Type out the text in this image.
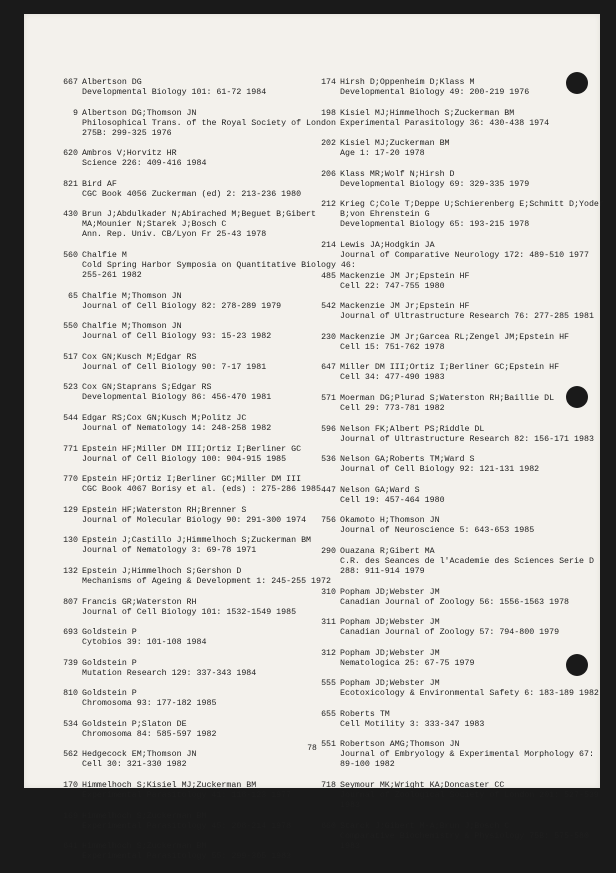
667 Albertson DG
Developmental Biology 101: 61-72 1984
9 Albertson DG;Thomson JN
Philosophical Trans. of the Royal Society of London
275B: 299-325 1976
620 Ambros V;Horvitz HR
Science 226: 409-416 1984
821 Bird AF
CGC Book 4056 Zuckerman (ed) 2: 213-236 1980
430 Brun J;Abdulkader N;Abirached M;Beguet B;Gibert
MA;Mounier N;Starek J;Bosch C
Ann. Rep. Univ. CB/Lyon Fr 25-43 1978
560 Chalfie M
Cold Spring Harbor Symposia on Quantitative Biology 46:
255-261 1982
65 Chalfie M;Thomson JN
Journal of Cell Biology 82: 278-289 1979
550 Chalfie M;Thomson JN
Journal of Cell Biology 93: 15-23 1982
517 Cox GN;Kusch M;Edgar RS
Journal of Cell Biology 90: 7-17 1981
523 Cox GN;Staprans S;Edgar RS
Developmental Biology 86: 456-470 1981
544 Edgar RS;Cox GN;Kusch M;Politz JC
Journal of Nematology 14: 248-258 1982
771 Epstein HF;Miller DM III;Ortiz I;Berliner GC
Journal of Cell Biology 100: 904-915 1985
770 Epstein HF;Ortiz I;Berliner GC;Miller DM III
CGC Book 4067 Borisy et al. (eds) : 275-286 1985
129 Epstein HF;Waterston RH;Brenner S
Journal of Molecular Biology 90: 291-300 1974
130 Epstein J;Castillo J;Himmelhoch S;Zuckerman BM
Journal of Nematology 3: 69-78 1971
132 Epstein J;Himmelhoch S;Gershon D
Mechanisms of Ageing & Development 1: 245-255 1972
807 Francis GR;Waterston RH
Journal of Cell Biology 101: 1532-1549 1985
693 Goldstein P
Cytobios 39: 101-108 1984
739 Goldstein P
Mutation Research 129: 337-343 1984
810 Goldstein P
Chromosoma 93: 177-182 1985
534 Goldstein P;Slaton DE
Chromosoma 84: 585-597 1982
562 Hedgecock EM;Thomson JN
Cell 30: 321-330 1982
170 Himmelhoch S;Kisiel MJ;Zuckerman BM
Experimental Parasitology 41: 118-123 1977
169 Himmelhoch S;Zuckerman BM
Experimental Parasitology 45: 208-214 1978
641 Himmelhoch S;Zuckerman BM
Experimental Parasitology 55: 299-305 1983
174 Hirsh D;Oppenheim D;Klass M
Developmental Biology 49: 200-219 1976
198 Kisiel MJ;Himmelhoch S;Zuckerman BM
Experimental Parasitology 36: 430-438 1974
202 Kisiel MJ;Zuckerman BM
Age 1: 17-20 1978
206 Klass MR;Wolf N;Hirsh D
Developmental Biology 69: 329-335 1979
212 Krieg C;Cole T;Deppe U;Schierenberg E;Schmitt D;Yoder
B;von Ehrenstein G
Developmental Biology 65: 193-215 1978
214 Lewis JA;Hodgkin JA
Journal of Comparative Neurology 172: 489-510 1977
485 Mackenzie JM Jr;Epstein HF
Cell 22: 747-755 1980
542 Mackenzie JM Jr;Epstein HF
Journal of Ultrastructure Research 76: 277-285 1981
230 Mackenzie JM Jr;Garcea RL;Zengel JM;Epstein HF
Cell 15: 751-762 1978
647 Miller DM III;Ortiz I;Berliner GC;Epstein HF
Cell 34: 477-490 1983
571 Moerman DG;Plurad S;Waterston RH;Baillie DL
Cell 29: 773-781 1982
596 Nelson FK;Albert PS;Riddle DL
Journal of Ultrastructure Research 82: 156-171 1983
536 Nelson GA;Roberts TM;Ward S
Journal of Cell Biology 92: 121-131 1982
447 Nelson GA;Ward S
Cell 19: 457-464 1980
756 Okamoto H;Thomson JN
Journal of Neuroscience 5: 643-653 1985
290 Ouazana R;Gibert MA
C.R. des Seances de l'Academie des Sciences Serie D
288: 911-914 1979
310 Popham JD;Webster JM
Canadian Journal of Zoology 56: 1556-1563 1978
311 Popham JD;Webster JM
Canadian Journal of Zoology 57: 794-800 1979
312 Popham JD;Webster JM
Nematologica 25: 67-75 1979
555 Popham JD;Webster JM
Ecotoxicology & Environmental Safety 6: 183-189 1982
655 Roberts TM
Cell Motility 3: 333-347 1983
551 Robertson AMG;Thomson JN
Journal of Embryology & Experimental Morphology 67:
89-100 1982
718 Seymour MK;Wright KA;Doncaster CC
Journal of Zoological Society of London 201: 527-539
1983
660 Starck J;Gibert M-A;Brun J;Bosch C
Comparative Biochemistry & Physiology 75B: 575-580
1983
78
